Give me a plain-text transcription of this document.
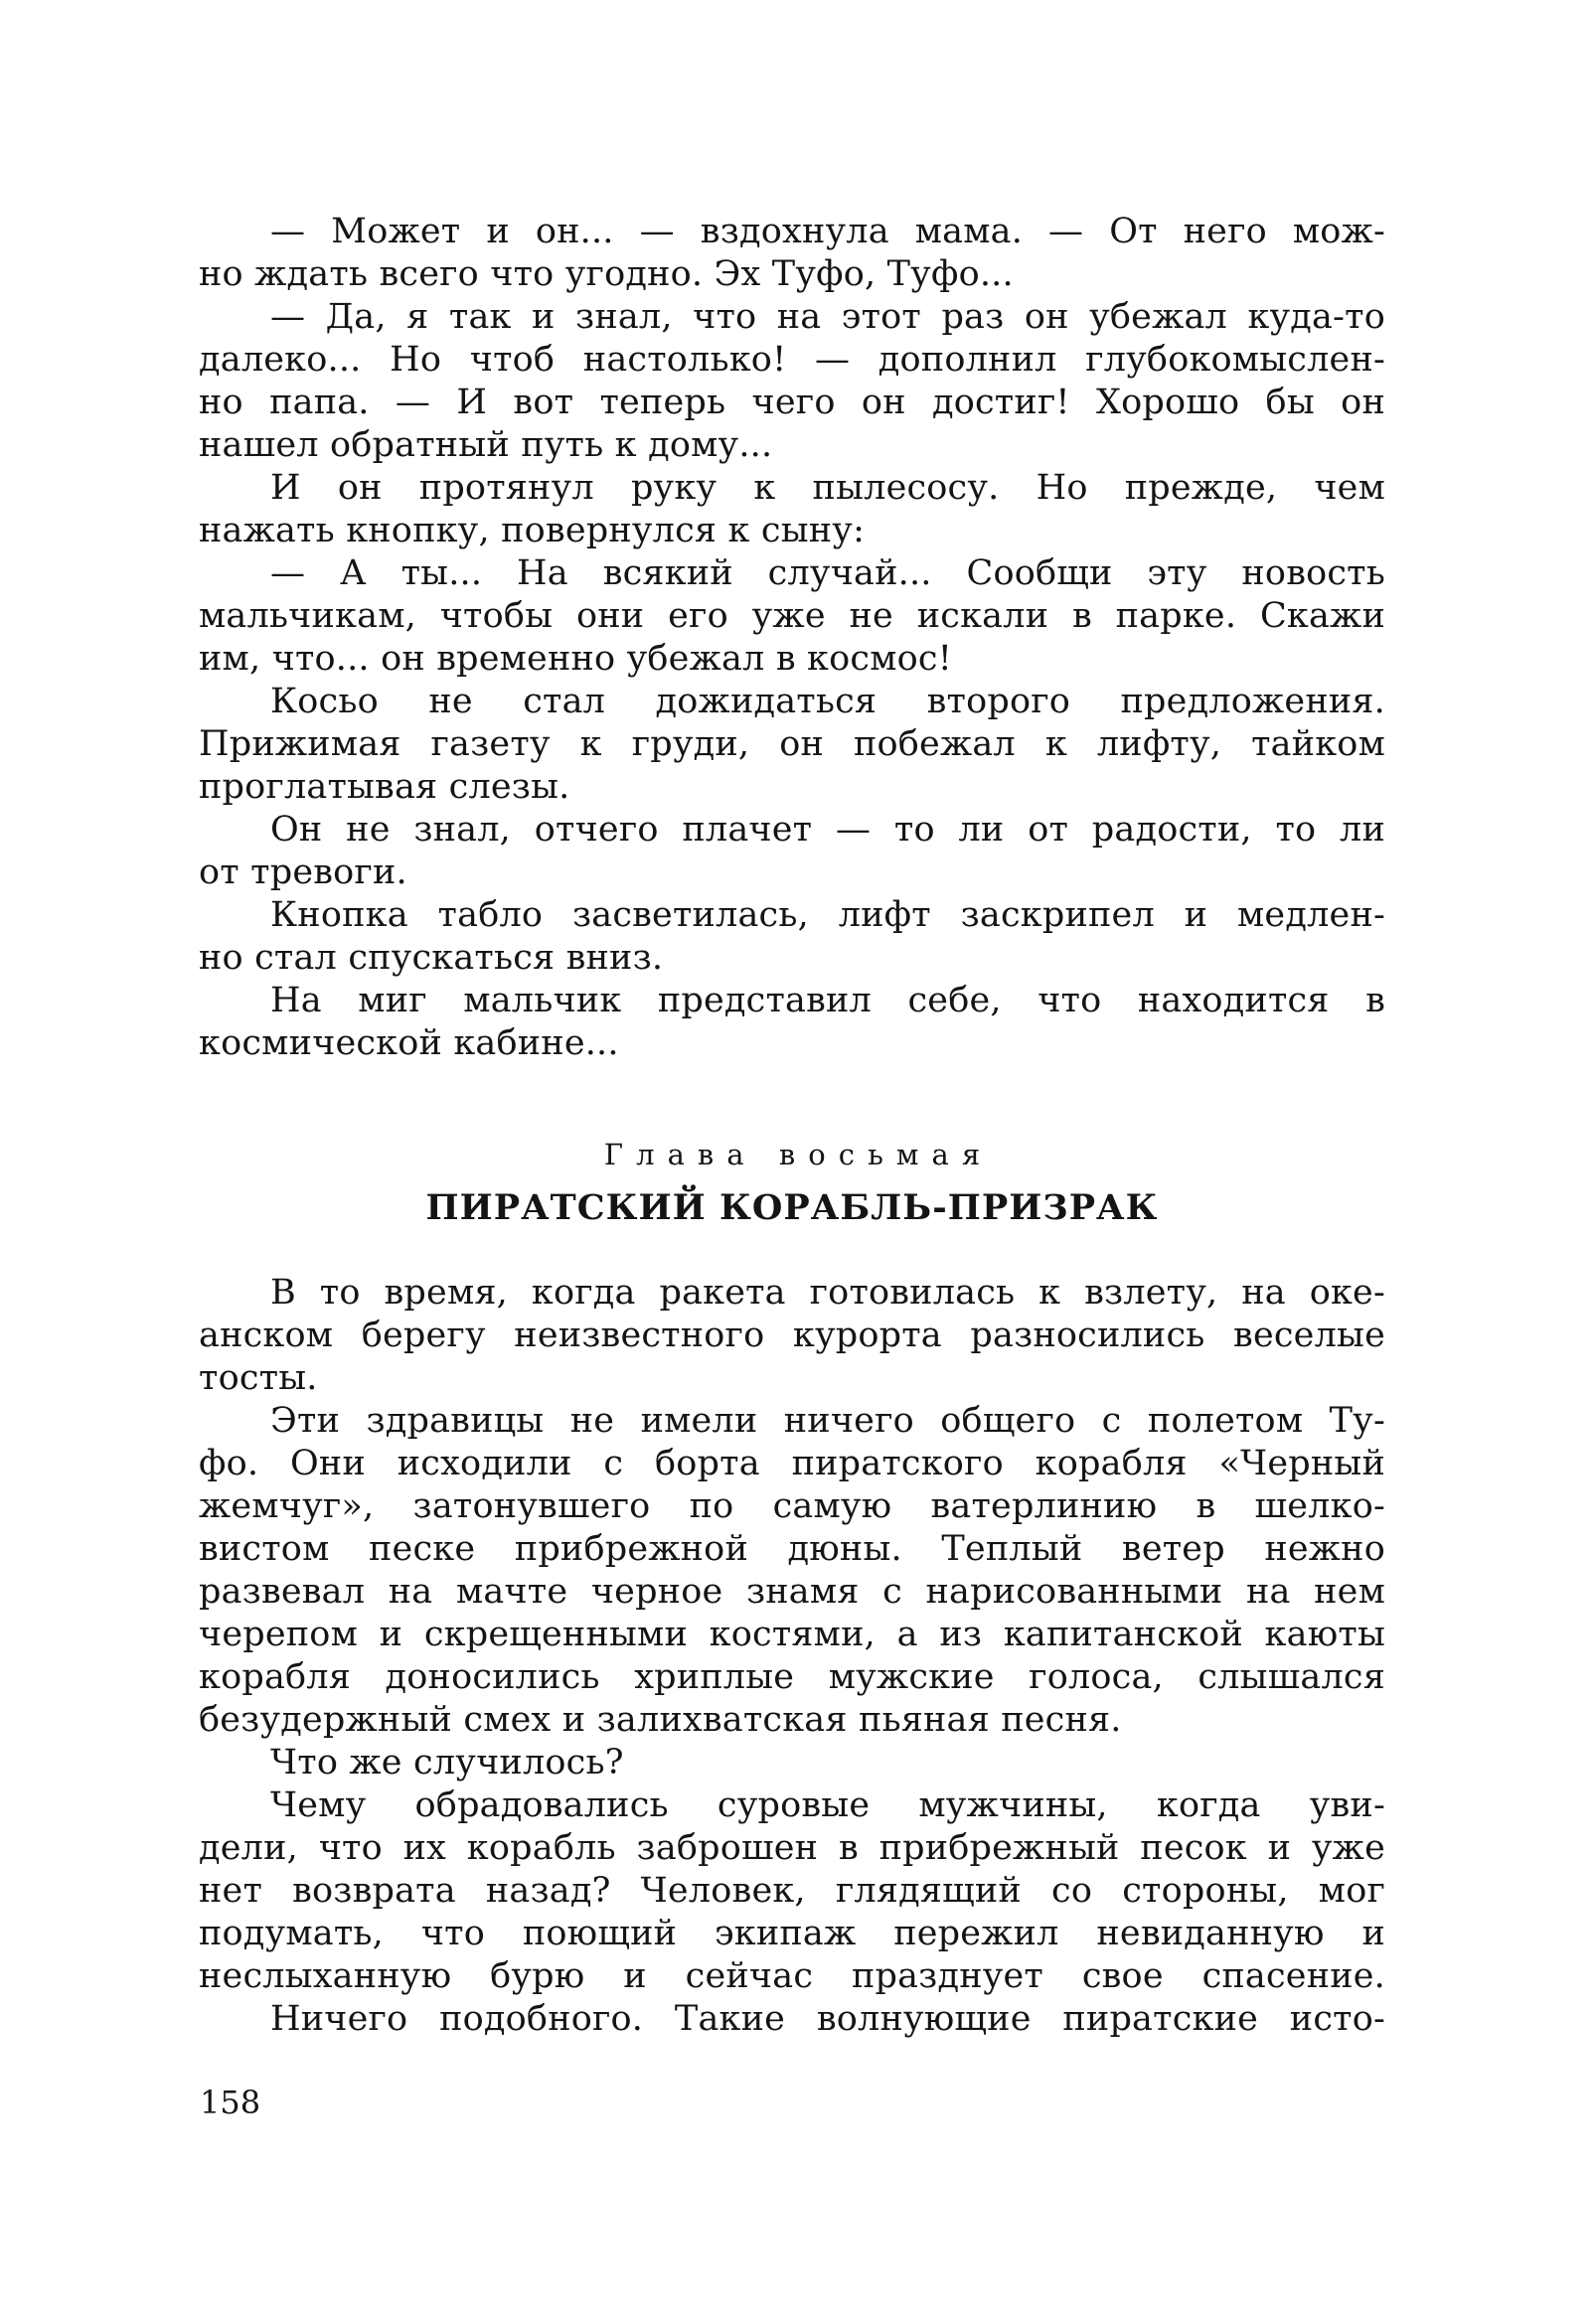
— Может и он... — вздохнула мама. — От него мож-
но ждать всего что угодно. Эх Туфо, Туфо...
— Да, я так и знал, что на этот раз он убежал куда-то
далеко... Но чтоб настолько! — дополнил глубокомыслен-
но папа. — И вот теперь чего он достиг! Хорошо бы он
нашел обратный путь к дому...
И он протянул руку к пылесосу. Но прежде, чем
нажать кнопку, повернулся к сыну:
— А ты... На всякий случай... Сообщи эту новость
мальчикам, чтобы они его уже не искали в парке. Скажи
им, что... он временно убежал в космос!
Косьо не стал дожидаться второго предложения.
Прижимая газету к груди, он побежал к лифту, тайком
проглатывая слезы.
Он не знал, отчего плачет — то ли от радости, то ли
от тревоги.
Кнопка табло засветилась, лифт заскрипел и медлен-
но стал спускаться вниз.
На миг мальчик представил себе, что находится в
космической кабине...
Глава восьмая
ПИРАТСКИЙ КОРАБЛЬ-ПРИЗРАК
В то время, когда ракета готовилась к взлету, на оке-
анском берегу неизвестного курорта разносились веселые
тосты.
Эти здравицы не имели ничего общего с полетом Ту-
фо. Они исходили с борта пиратского корабля «Черный
жемчуг», затонувшего по самую ватерлинию в шелко-
вистом песке прибрежной дюны. Теплый ветер нежно
развевал на мачте черное знамя с нарисованными на нем
черепом и скрещенными костями, а из капитанской каюты
корабля доносились хриплые мужские голоса, слышался
безудержный смех и залихватская пьяная песня.
Что же случилось?
Чему обрадовались суровые мужчины, когда уви-
дели, что их корабль заброшен в прибрежный песок и уже
нет возврата назад? Человек, глядящий со стороны, мог
подумать, что поющий экипаж пережил невиданную и
неслыханную бурю и сейчас празднует свое спасение.
Ничего подобного. Такие волнующие пиратские исто-
158
